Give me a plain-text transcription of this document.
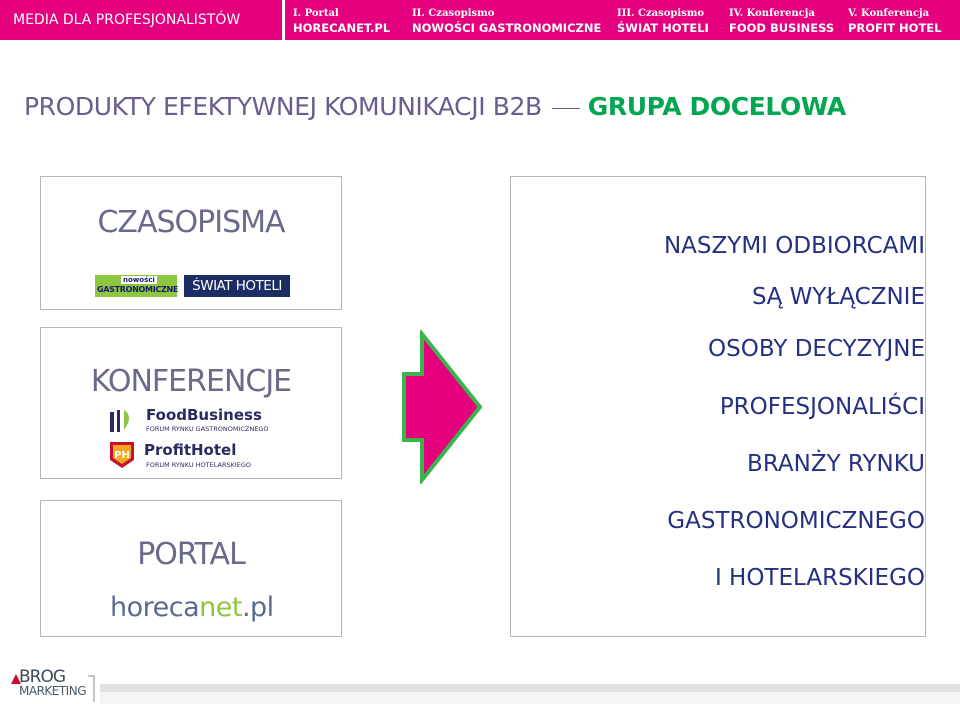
MEDIA DLA PROFESJONALISTÓW	I. Portal
HORECANET.PL
II. Czasopismo
NOWOŚCI GASTRONOMICZNE
III. Czasopismo
ŚWIAT HOTELI
IV. Konferencja
FOOD BUSINESS
V. Konferencja
PROFIT HOTEL
PRODUKTY EFEKTYWNEJ KOMUNIKACJI B2B GRUPA DOCELOWA
CZASOPISMA
nowości
GASTRONOMICZNE	ŚWIAT HOTELI
KONFERENCJE
FoodBusiness
FORUM RYNKU GASTRONOMICZNEGO
PH ProfitHotel
FORUM RYNKU HOTELARSKIEGO
PORTAL
horecanet.pl
NASZYMI ODBIORCAMI
SĄ WYŁĄCZNIE
OSOBY DECYZYJNE
PROFESJONALIŚCI
BRANŻY RYNKU
GASTRONOMICZNEGO
I HOTELARSKIEGO
BROG
MARKETING
